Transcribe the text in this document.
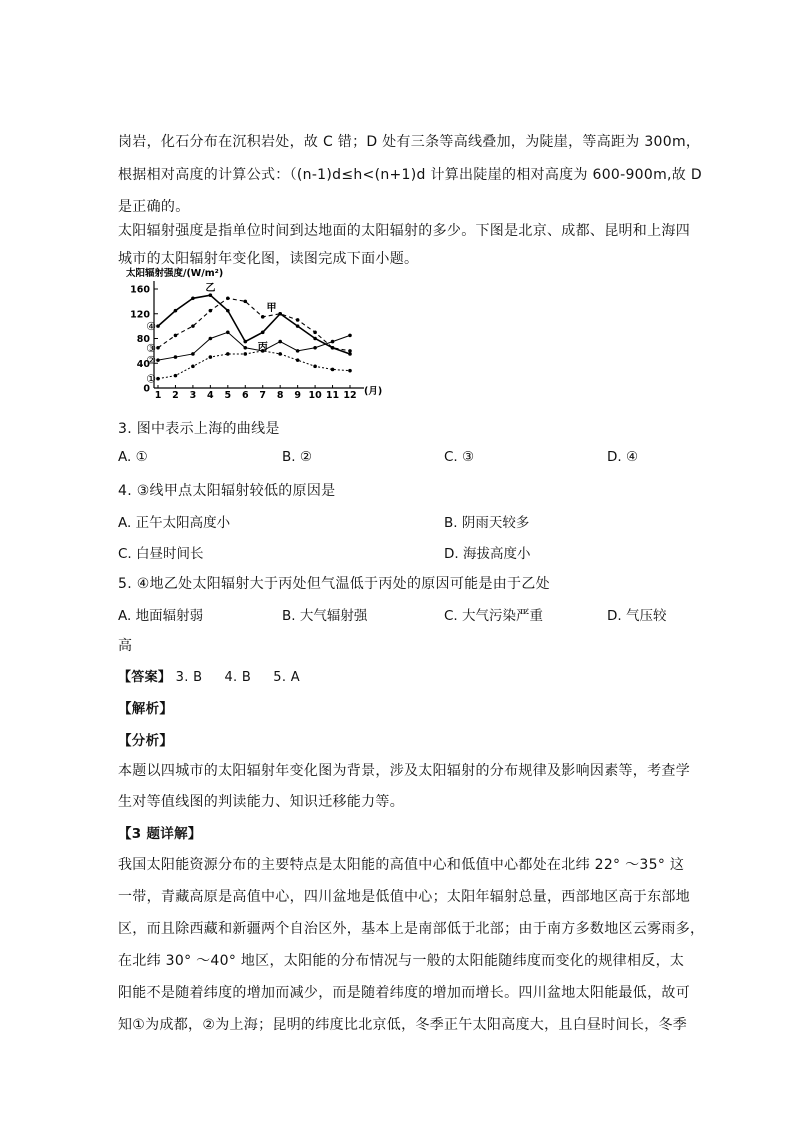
岗岩，化石分布在沉积岩处，故 C 错；D 处有三条等高线叠加，为陡崖，等高距为 300m，
根据相对高度的计算公式：（(n-1)d≤h<(n+1)d 计算出陡崖的相对高度为 600-900m,故 D
是正确的。
太阳辐射强度是指单位时间到达地面的太阳辐射的多少。下图是北京、成都、昆明和上海四
城市的太阳辐射年变化图，读图完成下面小题。
太阳辐射强度/(W/m²)
①
②
③
④
1 2 3 4 5 6 7 8 9 10 11 12
0
40
80
120
160	乙
甲
丙
(月)
3. 图中表示上海的曲线是
A. ①	B. ②	C. ③	D. ④
4. ③线甲点太阳辐射较低的原因是
A. 正午太阳高度小	B. 阴雨天较多
C. 白昼时间长	D. 海拔高度小
5. ④地乙处太阳辐射大于丙处但气温低于丙处的原因可能是由于乙处
A. 地面辐射弱	B. 大气辐射强	C. 大气污染严重	D. 气压较
高
【答案】 3. B     4. B     5. A
【解析】
【分析】
本题以四城市的太阳辐射年变化图为背景，涉及太阳辐射的分布规律及影响因素等，考查学
生对等值线图的判读能力、知识迁移能力等。
【3 题详解】
我国太阳能资源分布的主要特点是太阳能的高值中心和低值中心都处在北纬 22° ～35° 这
一带，青藏高原是高值中心，四川盆地是低值中心；太阳年辐射总量，西部地区高于东部地
区，而且除西藏和新疆两个自治区外，基本上是南部低于北部；由于南方多数地区云雾雨多，
在北纬 30° ～40° 地区，太阳能的分布情况与一般的太阳能随纬度而变化的规律相反，太
阳能不是随着纬度的增加而减少，而是随着纬度的增加而增长。四川盆地太阳能最低，故可
知①为成都，②为上海；昆明的纬度比北京低，冬季正午太阳高度大，且白昼时间长，冬季
